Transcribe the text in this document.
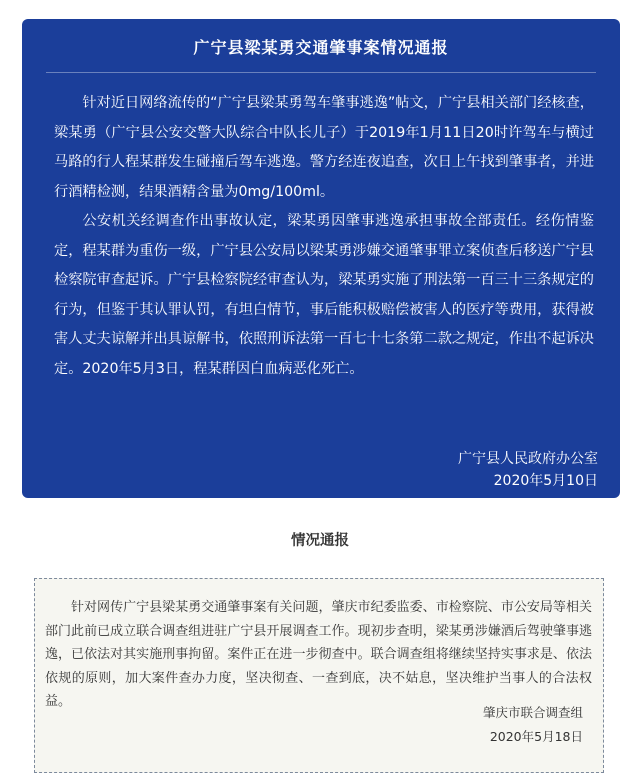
广宁县梁某勇交通肇事案情况通报

针对近日网络流传的“广宁县梁某勇驾车肇事逃逸”帖文，广宁县相关部门经核查，梁某勇（广宁县公安交警大队综合中队长儿子）于2019年1月11日20时许驾车与横过马路的行人程某群发生碰撞后驾车逃逸。警方经连夜追查，次日上午找到肇事者，并进行酒精检测，结果酒精含量为0mg/100ml。

公安机关经调查作出事故认定，梁某勇因肇事逃逸承担事故全部责任。经伤情鉴定，程某群为重伤一级，广宁县公安局以梁某勇涉嫌交通肇事罪立案侦查后移送广宁县检察院审查起诉。广宁县检察院经审查认为，梁某勇实施了刑法第一百三十三条规定的行为，但鉴于其认罪认罚，有坦白情节，事后能积极赔偿被害人的医疗等费用，获得被害人丈夫谅解并出具谅解书，依照刑诉法第一百七十七条第二款之规定，作出不起诉决定。2020年5月3日，程某群因白血病恶化死亡。

广宁县人民政府办公室
2020年5月10日
情况通报

针对网传广宁县梁某勇交通肇事案有关问题，肇庆市纪委监委、市检察院、市公安局等相关部门此前已成立联合调查组进驻广宁县开展调查工作。现初步查明，梁某勇涉嫌酒后驾驶肇事逃逸，已依法对其实施刑事拘留。案件正在进一步彻查中。联合调查组将继续坚持实事求是、依法依规的原则，加大案件查办力度，坚决彻查、一查到底，决不姑息，坚决维护当事人的合法权益。

肇庆市联合调查组
2020年5月18日
